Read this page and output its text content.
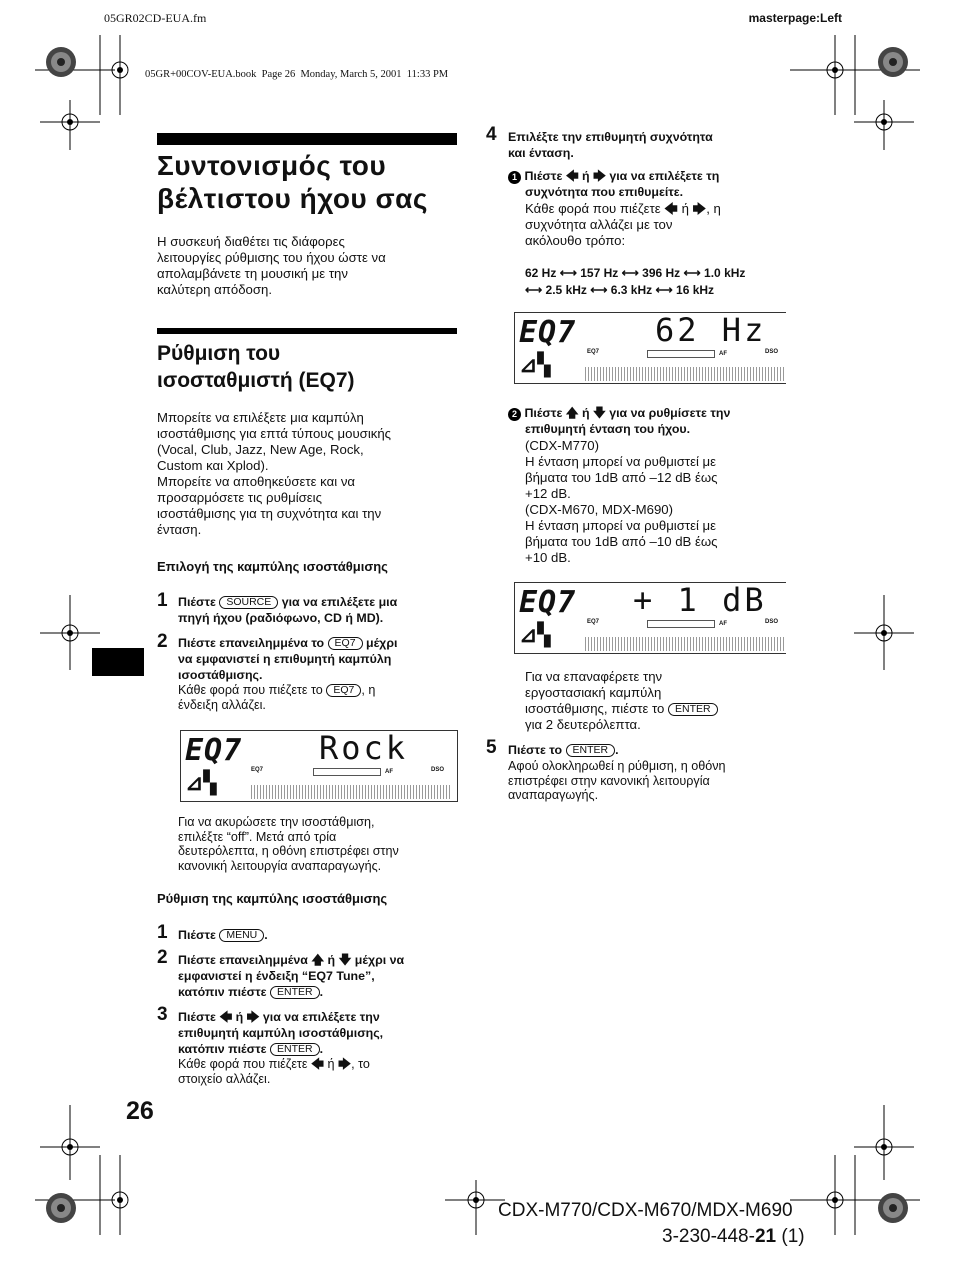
05GR02CD-EUA.fm	masterpage:Left
05GR+00COV-EUA.book  Page 26  Monday, March 5, 2001  11:33 PM
Συντονισμός του
βέλτιστου ήχου σας
Η συσκευή διαθέτει τις διάφορες
λειτουργίες ρύθμισης του ήχου ώστε να
απολαμβάνετε τη μουσική με την
καλύτερη απόδοση.
Ρύθμιση του
ισοσταθμιστή (EQ7)
Μπορείτε να επιλέξετε μια καμπύλη
ισοστάθμισης για επτά τύπους μουσικής
(Vocal, Club, Jazz, New Age, Rock,
Custom και Xplod).
Μπορείτε να αποθηκεύσετε και να
προσαρμόσετε τις ρυθμίσεις
ισοστάθμισης για τη συχνότητα και την
ένταση.
Επιλογή της καμπύλης ισοστάθμισης
1 Πιέστε SOURCE για να επιλέξετε μια
πηγή ήχου (ραδιόφωνο, CD ή MD).
2 Πιέστε επανειλημμένα το EQ7 μέχρι
να εμφανιστεί η επιθυμητή καμπύλη
ισοστάθμισης.
Κάθε φορά που πιέζετε το EQ7 , η
ένδειξη αλλάζει.
EQ7 Rock
EQ7	AF	DSO
⊿▚
Για να ακυρώσετε την ισοστάθμιση,
επιλέξτε “off”. Μετά από τρία
δευτερόλεπτα, η οθόνη επιστρέφει στην
κανονική λειτουργία αναπαραγωγής.
Ρύθμιση της καμπύλης ισοστάθμισης
1 Πιέστε MENU .
2 Πιέστε επανειλημμένα 🡅 ή 🡇 μέχρι να
εμφανιστεί η ένδειξη “EQ7 Tune”,
κατόπιν πιέστε ENTER .
3 Πιέστε 🡄 ή 🡆 για να επιλέξετε την
επιθυμητή καμπύλη ισοστάθμισης,
κατόπιν πιέστε ENTER .
Κάθε φορά που πιέζετε 🡄 ή 🡆, το
στοιχείο αλλάζει.
26
4 Επιλέξτε την επιθυμητή συχνότητα
και ένταση.
1 Πιέστε 🡄 ή 🡆 για να επιλέξετε τη
συχνότητα που επιθυμείτε.
Κάθε φορά που πιέζετε 🡄 ή 🡆, η
συχνότητα αλλάζει με τον
ακόλουθο τρόπο:
62 Hz ⟷ 157 Hz ⟷ 396 Hz ⟷ 1.0 kHz
⟷ 2.5 kHz ⟷ 6.3 kHz ⟷ 16 kHz
EQ7 62 Hz
EQ7	AF	DSO
⊿▚
2 Πιέστε 🡅 ή 🡇 για να ρυθμίσετε την
επιθυμητή ένταση του ήχου.
(CDX-M770)
Η ένταση μπορεί να ρυθμιστεί με
βήματα του 1dB από –12 dB έως
+12 dB.
(CDX-M670, MDX-M690)
Η ένταση μπορεί να ρυθμιστεί με
βήματα του 1dB από –10 dB έως
+10 dB.
EQ7 + 1 dB
EQ7	AF	DSO
⊿▚
Για να επαναφέρετε την
εργοστασιακή καμπύλη
ισοστάθμισης, πιέστε το ENTER
για 2 δευτερόλεπτα.
5 Πιέστε το ENTER .
Αφού ολοκληρωθεί η ρύθμιση, η οθόνη
επιστρέφει στην κανονική λειτουργία
αναπαραγωγής.
CDX-M770/CDX-M670/MDX-M690
3-230-448-21 (1)
